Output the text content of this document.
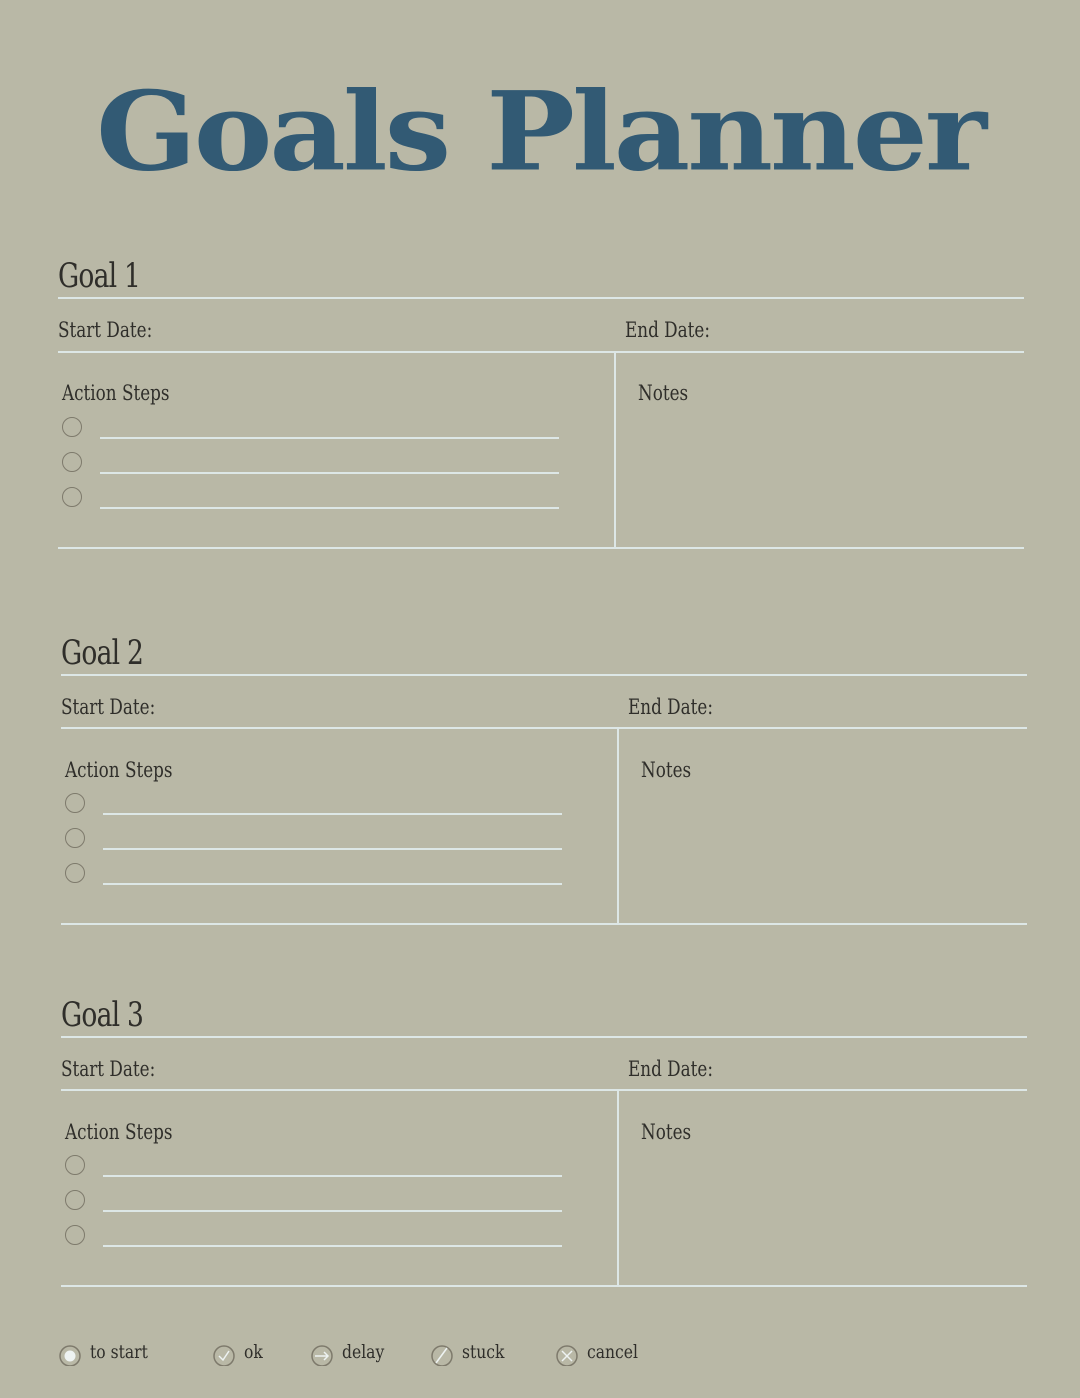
Goals Planner
Goal 1
Start Date:	End Date:
Action Steps	Notes
Goal 2
Start Date:	End Date:
Action Steps	Notes
Goal 3
Start Date:	End Date:
Action Steps	Notes
to start	ok	delay	stuck	cancel
